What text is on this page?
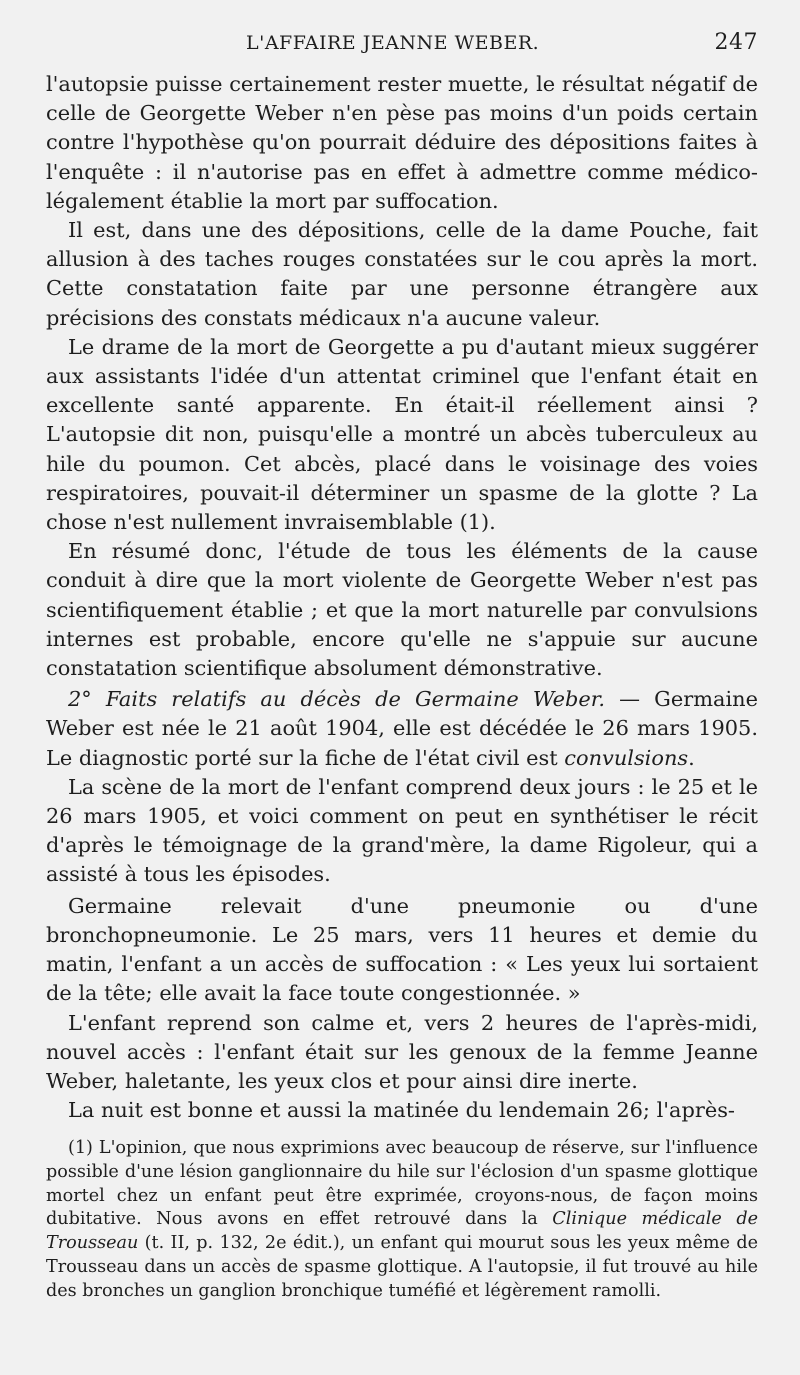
L'AFFAIRE JEANNE WEBER.	247

l'autopsie puisse certainement rester muette, le résultat négatif de celle de Georgette Weber n'en pèse pas moins d'un poids certain contre l'hypothèse qu'on pourrait déduire des dépositions faites à l'enquête : il n'autorise pas en effet à admettre comme médico-légalement établie la mort par suffocation.

Il est, dans une des dépositions, celle de la dame Pouche, fait allusion à des taches rouges constatées sur le cou après la mort. Cette constatation faite par une personne étrangère aux précisions des constats médicaux n'a aucune valeur.

Le drame de la mort de Georgette a pu d'autant mieux suggérer aux assistants l'idée d'un attentat criminel que l'enfant était en excellente santé apparente. En était-il réellement ainsi ? L'autopsie dit non, puisqu'elle a montré un abcès tuberculeux au hile du poumon. Cet abcès, placé dans le voisinage des voies respiratoires, pouvait-il déterminer un spasme de la glotte ? La chose n'est nullement invraisemblable (1).

En résumé donc, l'étude de tous les éléments de la cause conduit à dire que la mort violente de Georgette Weber n'est pas scientifiquement établie ; et que la mort naturelle par convulsions internes est probable, encore qu'elle ne s'appuie sur aucune constatation scientifique absolument démonstrative.

2° Faits relatifs au décès de Germaine Weber. — Germaine Weber est née le 21 août 1904, elle est décédée le 26 mars 1905. Le diagnostic porté sur la fiche de l'état civil est convulsions.

La scène de la mort de l'enfant comprend deux jours : le 25 et le 26 mars 1905, et voici comment on peut en synthétiser le récit d'après le témoignage de la grand'mère, la dame Rigoleur, qui a assisté à tous les épisodes.

Germaine relevait d'une pneumonie ou d'une bronchopneumonie. Le 25 mars, vers 11 heures et demie du matin, l'enfant a un accès de suffocation : « Les yeux lui sortaient de la tête; elle avait la face toute congestionnée. »

L'enfant reprend son calme et, vers 2 heures de l'après-midi, nouvel accès : l'enfant était sur les genoux de la femme Jeanne Weber, haletante, les yeux clos et pour ainsi dire inerte.

La nuit est bonne et aussi la matinée du lendemain 26; l'après-

(1) L'opinion, que nous exprimions avec beaucoup de réserve, sur l'influence possible d'une lésion ganglionnaire du hile sur l'éclosion d'un spasme glottique mortel chez un enfant peut être exprimée, croyons-nous, de façon moins dubitative. Nous avons en effet retrouvé dans la Clinique médicale de Trousseau (t. II, p. 132, 2e édit.), un enfant qui mourut sous les yeux même de Trousseau dans un accès de spasme glottique. A l'autopsie, il fut trouvé au hile des bronches un ganglion bronchique tuméfié et légèrement ramolli.
